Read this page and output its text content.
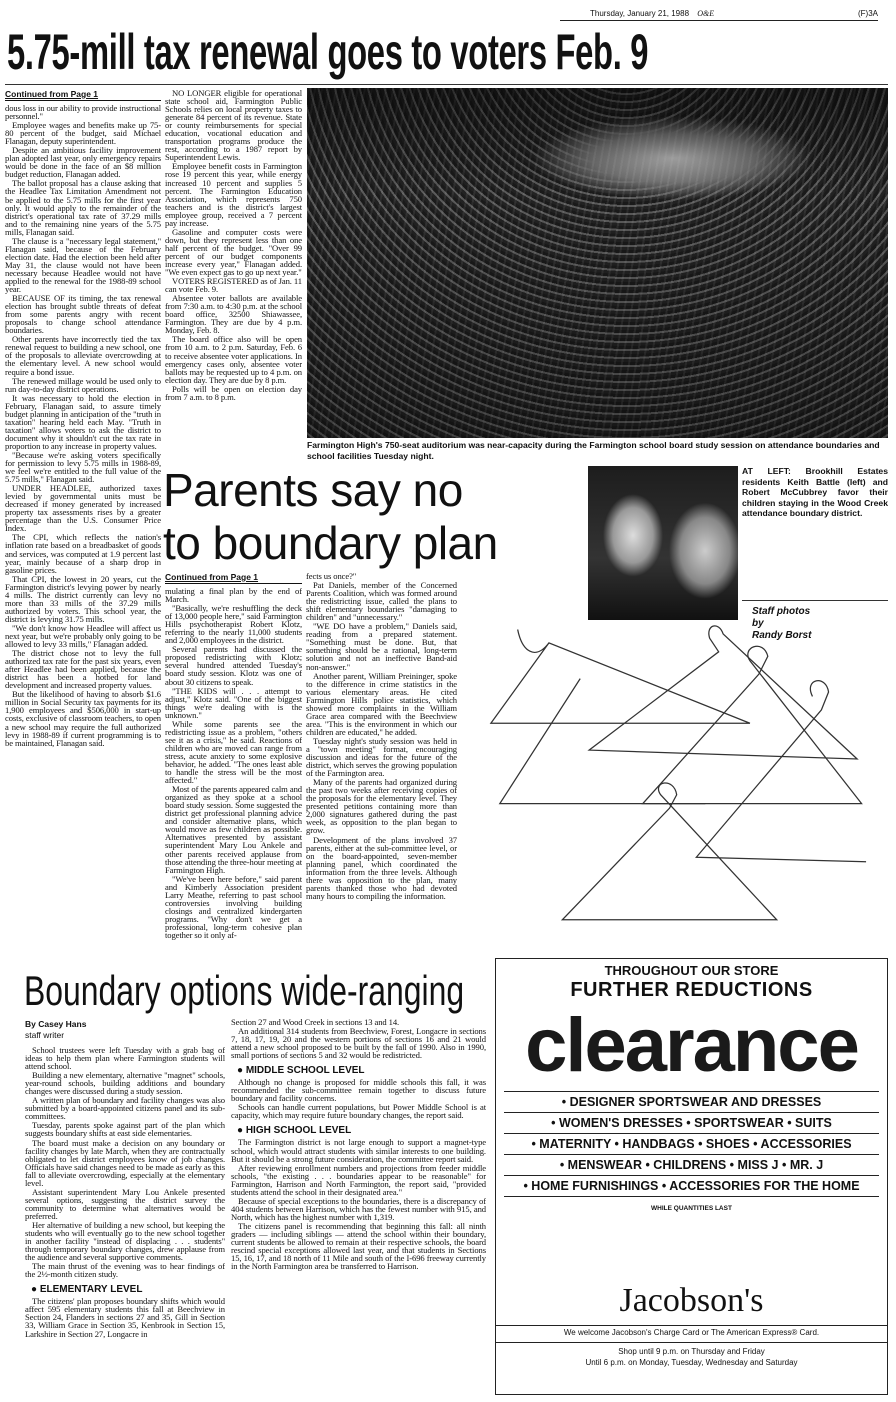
Thursday, January 21, 1988 O&E	(F)3A
5.75-mill tax renewal goes to voters Feb. 9
Continued from Page 1

dous loss in our ability to provide instructional personnel."

Employee wages and benefits make up 75-80 percent of the budget, said Michael Flanagan, deputy superintendent.

Despite an ambitious facility improvement plan adopted last year, only emergency repairs would be done in the face of an $8 million budget reduction, Flanagan added.

The ballot proposal has a clause asking that the Headlee Tax Limitation Amendment not be applied to the 5.75 mills for the first year only. It would apply to the remainder of the district's operational tax rate of 37.29 mills and to the remaining nine years of the 5.75 mills, Flanagan said.

The clause is a "necessary legal statement," Flanagan said, because of the February election date. Had the election been held after May 31, the clause would not have been necessary because Headlee would not have applied to the renewal for the 1988-89 school year.

BECAUSE OF its timing, the tax renewal election has brought subtle threats of defeat from some parents angry with recent proposals to change school attendance boundaries.

Other parents have incorrectly tied the tax renewal request to building a new school, one of the proposals to alleviate overcrowding at the elementary level. A new school would require a bond issue.

The renewed millage would be used only to run day-to-day district operations.

It was necessary to hold the election in February, Flanagan said, to assure timely budget planning in anticipation of the "truth in taxation" hearing held each May. "Truth in taxation" allows voters to ask the district to document why it shouldn't cut the tax rate in proportion to any increase in property values.

"Because we're asking voters specifically for permission to levy 5.75 mills in 1988-89, we feel we're entitled to the full value of the 5.75 mills," Flanagan said.

UNDER HEADLEE, authorized taxes levied by governmental units must be decreased if money generated by increased property tax assessments rises by a greater percentage than the U.S. Consumer Price Index.

The CPI, which reflects the nation's inflation rate based on a breadbasket of goods and services, was computed at 1.9 percent last year, mainly because of a sharp drop in gasoline prices.

That CPI, the lowest in 20 years, cut the Farmington district's levying power by nearly 4 mills. The district currently can levy no more than 33 mills of the 37.29 mills authorized by voters. This school year, the district is levying 31.75 mills.

"We don't know how Headlee will affect us next year, but we're probably only going to be allowed to levy 33 mills," Flanagan added.

The district chose not to levy the full authorized tax rate for the past six years, even after Headlee had been applied, because the district has been a hotbed for land development and increased property values.

But the likelihood of having to absorb $1.6 million in Social Security tax payments for its 1,900 employees and $506,000 in start-up costs, exclusive of classroom teachers, to open a new school may require the full authorized levy in 1988-89 if current programming is to be maintained, Flanagan said.

NO LONGER eligible for operational state school aid, Farmington Public Schools relies on local property taxes to generate 84 percent of its revenue. State or county reimbursements for special education, vocational education and transportation programs produce the rest, according to a 1987 report by Superintendent Lewis.

Employee benefit costs in Farmington rose 19 percent this year, while energy increased 10 percent and supplies 5 percent. The Farmington Education Association, which represents 750 teachers and is the district's largest employee group, received a 7 percent pay increase.

Gasoline and computer costs were down, but they represent less than one half percent of the budget. "Over 99 percent of our budget components increase every year," Flanagan added. "We even expect gas to go up next year."

VOTERS REGISTERED as of Jan. 11 can vote Feb. 9.

Absentee voter ballots are available from 7:30 a.m. to 4:30 p.m. at the school board office, 32500 Shiawassee, Farmington. They are due by 4 p.m. Monday, Feb. 8.

The board office also will be open from 10 a.m. to 2 p.m. Saturday, Feb. 6 to receive absentee voter applications. In emergency cases only, absentee voter ballots may be requested up to 4 p.m. on election day. They are due by 8 p.m.

Polls will be open on election day from 7 a.m. to 8 p.m.

Farmington High's 750-seat auditorium was near-capacity during the Farmington school board study session on attendance boundaries and school facilities Tuesday night.
Parents say no
to boundary plan
AT LEFT: Brookhill Estates residents Keith Battle (left) and Robert McCubbrey favor their children staying in the Wood Creek attendance boundary district.
Staff photos
by
Randy Borst
Continued from Page 1

mulating a final plan by the end of March.

"Basically, we're reshuffling the deck of 13,000 people here," said Farmington Hills psychotherapist Robert Klotz, referring to the nearly 11,000 students and 2,000 employees in the district.

Several parents had discussed the proposed redistricting with Klotz; several hundred attended Tuesday's board study session. Klotz was one of about 30 citizens to speak.

"THE KIDS will . . . attempt to adjust," Klotz said. "One of the biggest things we're dealing with is the unknown."

While some parents see the redistricting issue as a problem, "others see it as a crisis," he said. Reactions of children who are moved can range from stress, acute anxiety to some explosive behavior, he added. "The ones least able to handle the stress will be the most affected."

Most of the parents appeared calm and organized as they spoke at a school board study session. Some suggested the district get professional planning advice and consider alternative plans, which would move as few children as possible. Alternatives presented by assistant superintendent Mary Lou Ankele and other parents received applause from those attending the three-hour meeting at Farmington High.

"We've been here before," said parent and Kimberly Association president Larry Meathe, referring to past school controversies involving building closings and centralized kindergarten programs. "Why don't we get a professional, long-term cohesive plan together so it only af-

fects us once?"

Pat Daniels, member of the Concerned Parents Coalition, which was formed around the redistricting issue, called the plans to shift elementary boundaries "damaging to children" and "unnecessary."

"WE DO have a problem," Daniels said, reading from a prepared statement. "Something must be done. But, that something should be a rational, long-term solution and not an ineffective Band-aid non-answer."

Another parent, William Preininger, spoke to the difference in crime statistics in the various elementary areas. He cited Farmington Hills police statistics, which showed more complaints in the William Grace area compared with the Beechview area. "This is the environment in which our children are educated," he added.

Tuesday night's study session was held in a "town meeting" format, encouraging discussion and ideas for the future of the district, which serves the growing population of the Farmington area.

Many of the parents had organized during the past two weeks after receiving copies of the proposals for the elementary level. They presented petitions containing more than 2,000 signatures gathered during the past week, as opposition to the plan began to grow.

Development of the plans involved 37 parents, either at the sub-committee level, or on the board-appointed, seven-member planning panel, which coordinated the information from the three levels. Although there was opposition to the plan, many parents thanked those who had devoted many hours to compiling the information.

Boundary options wide-ranging
By Casey Hans
staff writer

School trustees were left Tuesday with a grab bag of ideas to help them plan where Farmington students will attend school.

Building a new elementary, alternative "magnet" schools, year-round schools, building additions and boundary changes were discussed during a study session.

A written plan of boundary and facility changes was also submitted by a board-appointed citizens panel and its sub-committees.

Tuesday, parents spoke against part of the plan which suggests boundary shifts at east side elementaries.

The board must make a decision on any boundary or facility changes by late March, when they are contractually obligated to let district employees know of job changes. Officials have said changes need to be made as early as this fall to alleviate overcrowding, especially at the elementary level.

Assistant superintendent Mary Lou Ankele presented several options, suggesting the district survey the community to determine what alternatives would be preferred.

Her alternative of building a new school, but keeping the students who will eventually go to the new school together in another facility "instead of displacing . . . students" through temporary boundary changes, drew applause from the audience and several supportive comments.

The main thrust of the evening was to hear findings of the 2½-month citizen study.

● ELEMENTARY LEVEL

The citizens' plan proposes boundary shifts which would affect 595 elementary students this fall at Beechview in Section 24, Flanders in sections 27 and 35, Gill in Section 33, William Grace in Section 35, Kenbrook in Section 15, Larkshire in Section 27, Longacre in

Section 27 and Wood Creek in sections 13 and 14.

An additional 314 students from Beechview, Forest, Longacre in sections 7, 18, 17, 19, 20 and the western portions of sections 16 and 21 would attend a new school proposed to be built by the fall of 1990. Also in 1990, small portions of sections 5 and 32 would be redistricted.

● MIDDLE SCHOOL LEVEL

Although no change is proposed for middle schools this fall, it was recommended the sub-committee remain together to discuss future boundary and facility concerns.

Schools can handle current populations, but Power Middle School is at capacity, which may require future boundary changes, the report said.

● HIGH SCHOOL LEVEL

The Farmington district is not large enough to support a magnet-type school, which would attract students with similar interests to one building. But it should be a strong future consideration, the committee report said.

After reviewing enrollment numbers and projections from feeder middle schools, "the existing . . . boundaries appear to be reasonable" for Farmington, Harrison and North Farmington, the report said, "provided students attend the school in their designated area."

Because of special exceptions to the boundaries, there is a discrepancy of 404 students between Harrison, which has the fewest number with 915, and North, which has the highest number with 1,319.

The citizens panel is recommending that beginning this fall: all ninth graders — including siblings — attend the school within their boundary, current students be allowed to remain at their respective schools, the board rescind special exceptions allowed last year, and that students in Sections 15, 16, 17, and 18 north of 11 Mile and south of the I-696 freeway currently in the North Farmington area be transferred to Harrison.

THROUGHOUT OUR STORE
FURTHER REDUCTIONS
clearance
• DESIGNER SPORTSWEAR AND DRESSES
• WOMEN'S DRESSES • SPORTSWEAR • SUITS
• MATERNITY • HANDBAGS • SHOES • ACCESSORIES
• MENSWEAR • CHILDRENS • MISS J • MR. J
• HOME FURNISHINGS • ACCESSORIES FOR THE HOME
WHILE QUANTITIES LAST
Jacobson's
We welcome Jacobson's Charge Card or The American Express® Card.
Shop until 9 p.m. on Thursday and Friday
Until 6 p.m. on Monday, Tuesday, Wednesday and Saturday
